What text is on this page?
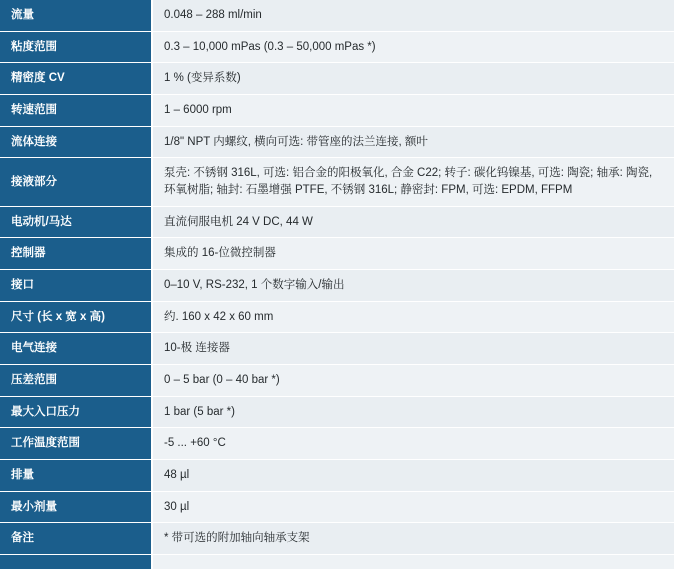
流量	0.048 – 288 ml/min
粘度范围	0.3 – 10,000 mPas (0.3 – 50,000 mPas *)
精密度 CV	1 % (变异系数)
转速范围	1 – 6000 rpm
流体连接	1/8" NPT 内螺纹, 横向可选: 带管座的法兰连接, 额叶
接液部分	泵壳: 不锈钢 316L, 可选: 铝合金的阳极氧化, 合金 C22; 转子: 碳化钨镍基, 可选: 陶瓷; 轴承: 陶瓷, 环氧树脂; 轴封: 石墨增强 PTFE, 不锈钢 316L; 静密封: FPM, 可选: EPDM, FFPM
电动机/马达	直流伺服电机 24 V DC, 44 W
控制器	集成的 16-位微控制器
接口	0–10 V, RS-232, 1 个数字输入/输出
尺寸 (长 x 宽 x 高)	约. 160 x 42 x 60 mm
电气连接	10-极 连接器
压差范围	0 – 5 bar (0 – 40 bar *)
最大入口压力	1 bar (5 bar *)
工作温度范围	-5 ... +60 °C
排量	48 µl
最小剂量	30 µl
备注	* 带可选的附加轴向轴承支架
